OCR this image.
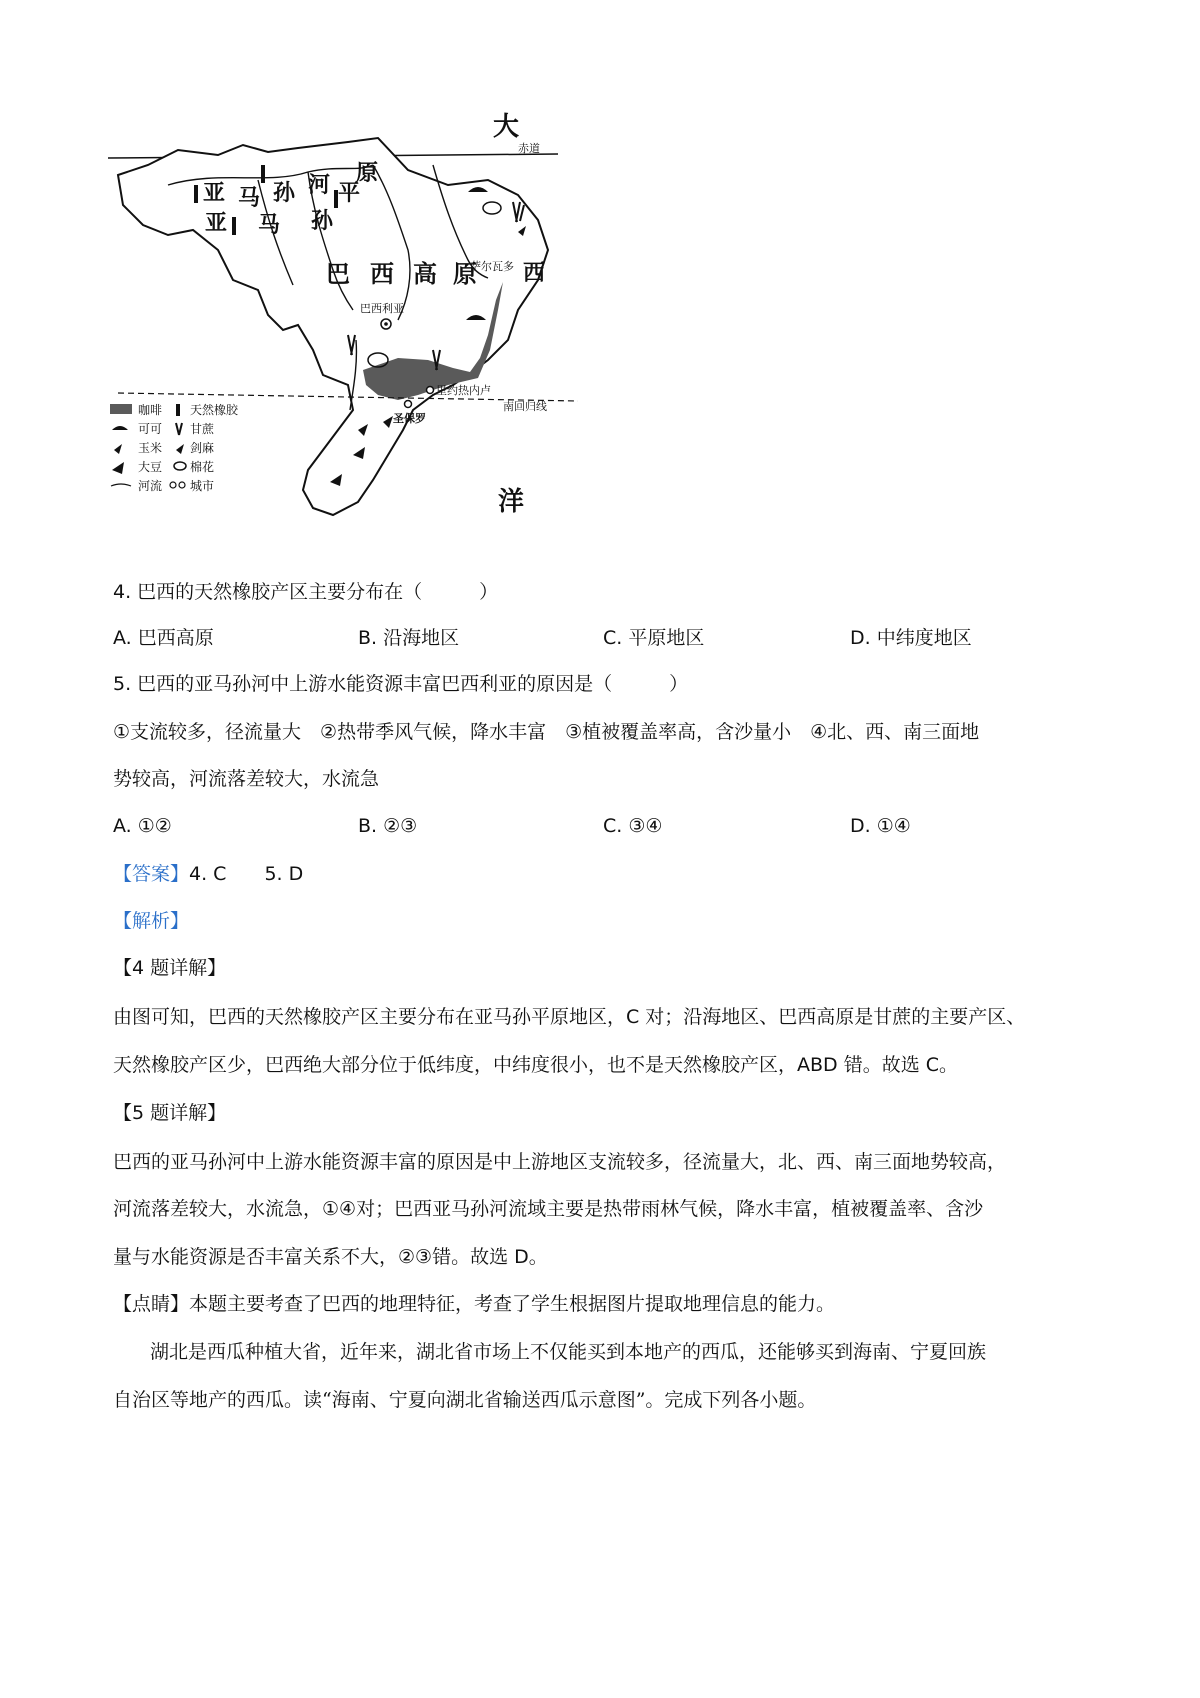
赤道
大
南回归线
亚 马 孙 河 平
原
亚 马 孙
巴 西 高 原
萨尔瓦多 西
巴西利亚
里约热内卢
圣保罗
洋
咖啡 天然橡胶
可可 甘蔗
玉米 剑麻
大豆 棉花
河流 城市
4. 巴西的天然橡胶产区主要分布在（　　　）
A. 巴西高原	B. 沿海地区	C. 平原地区	D. 中纬度地区
5. 巴西的亚马孙河中上游水能资源丰富巴西利亚的原因是（　　　）
①支流较多，径流量大　②热带季风气候，降水丰富　③植被覆盖率高，含沙量小　④北、西、南三面地
势较高，河流落差较大，水流急
A. ①②	B. ②③	C. ③④	D. ①④
【答案】4. C　　5. D
【解析】
【4 题详解】
由图可知，巴西的天然橡胶产区主要分布在亚马孙平原地区，C 对；沿海地区、巴西高原是甘蔗的主要产区、
天然橡胶产区少，巴西绝大部分位于低纬度，中纬度很小，也不是天然橡胶产区，ABD 错。故选 C。
【5 题详解】
巴西的亚马孙河中上游水能资源丰富的原因是中上游地区支流较多，径流量大，北、西、南三面地势较高，
河流落差较大，水流急，①④对；巴西亚马孙河流域主要是热带雨林气候，降水丰富，植被覆盖率、含沙
量与水能资源是否丰富关系不大，②③错。故选 D。
【点睛】本题主要考查了巴西的地理特征，考查了学生根据图片提取地理信息的能力。
湖北是西瓜种植大省，近年来，湖北省市场上不仅能买到本地产的西瓜，还能够买到海南、宁夏回族
自治区等地产的西瓜。读“海南、宁夏向湖北省输送西瓜示意图”。完成下列各小题。
